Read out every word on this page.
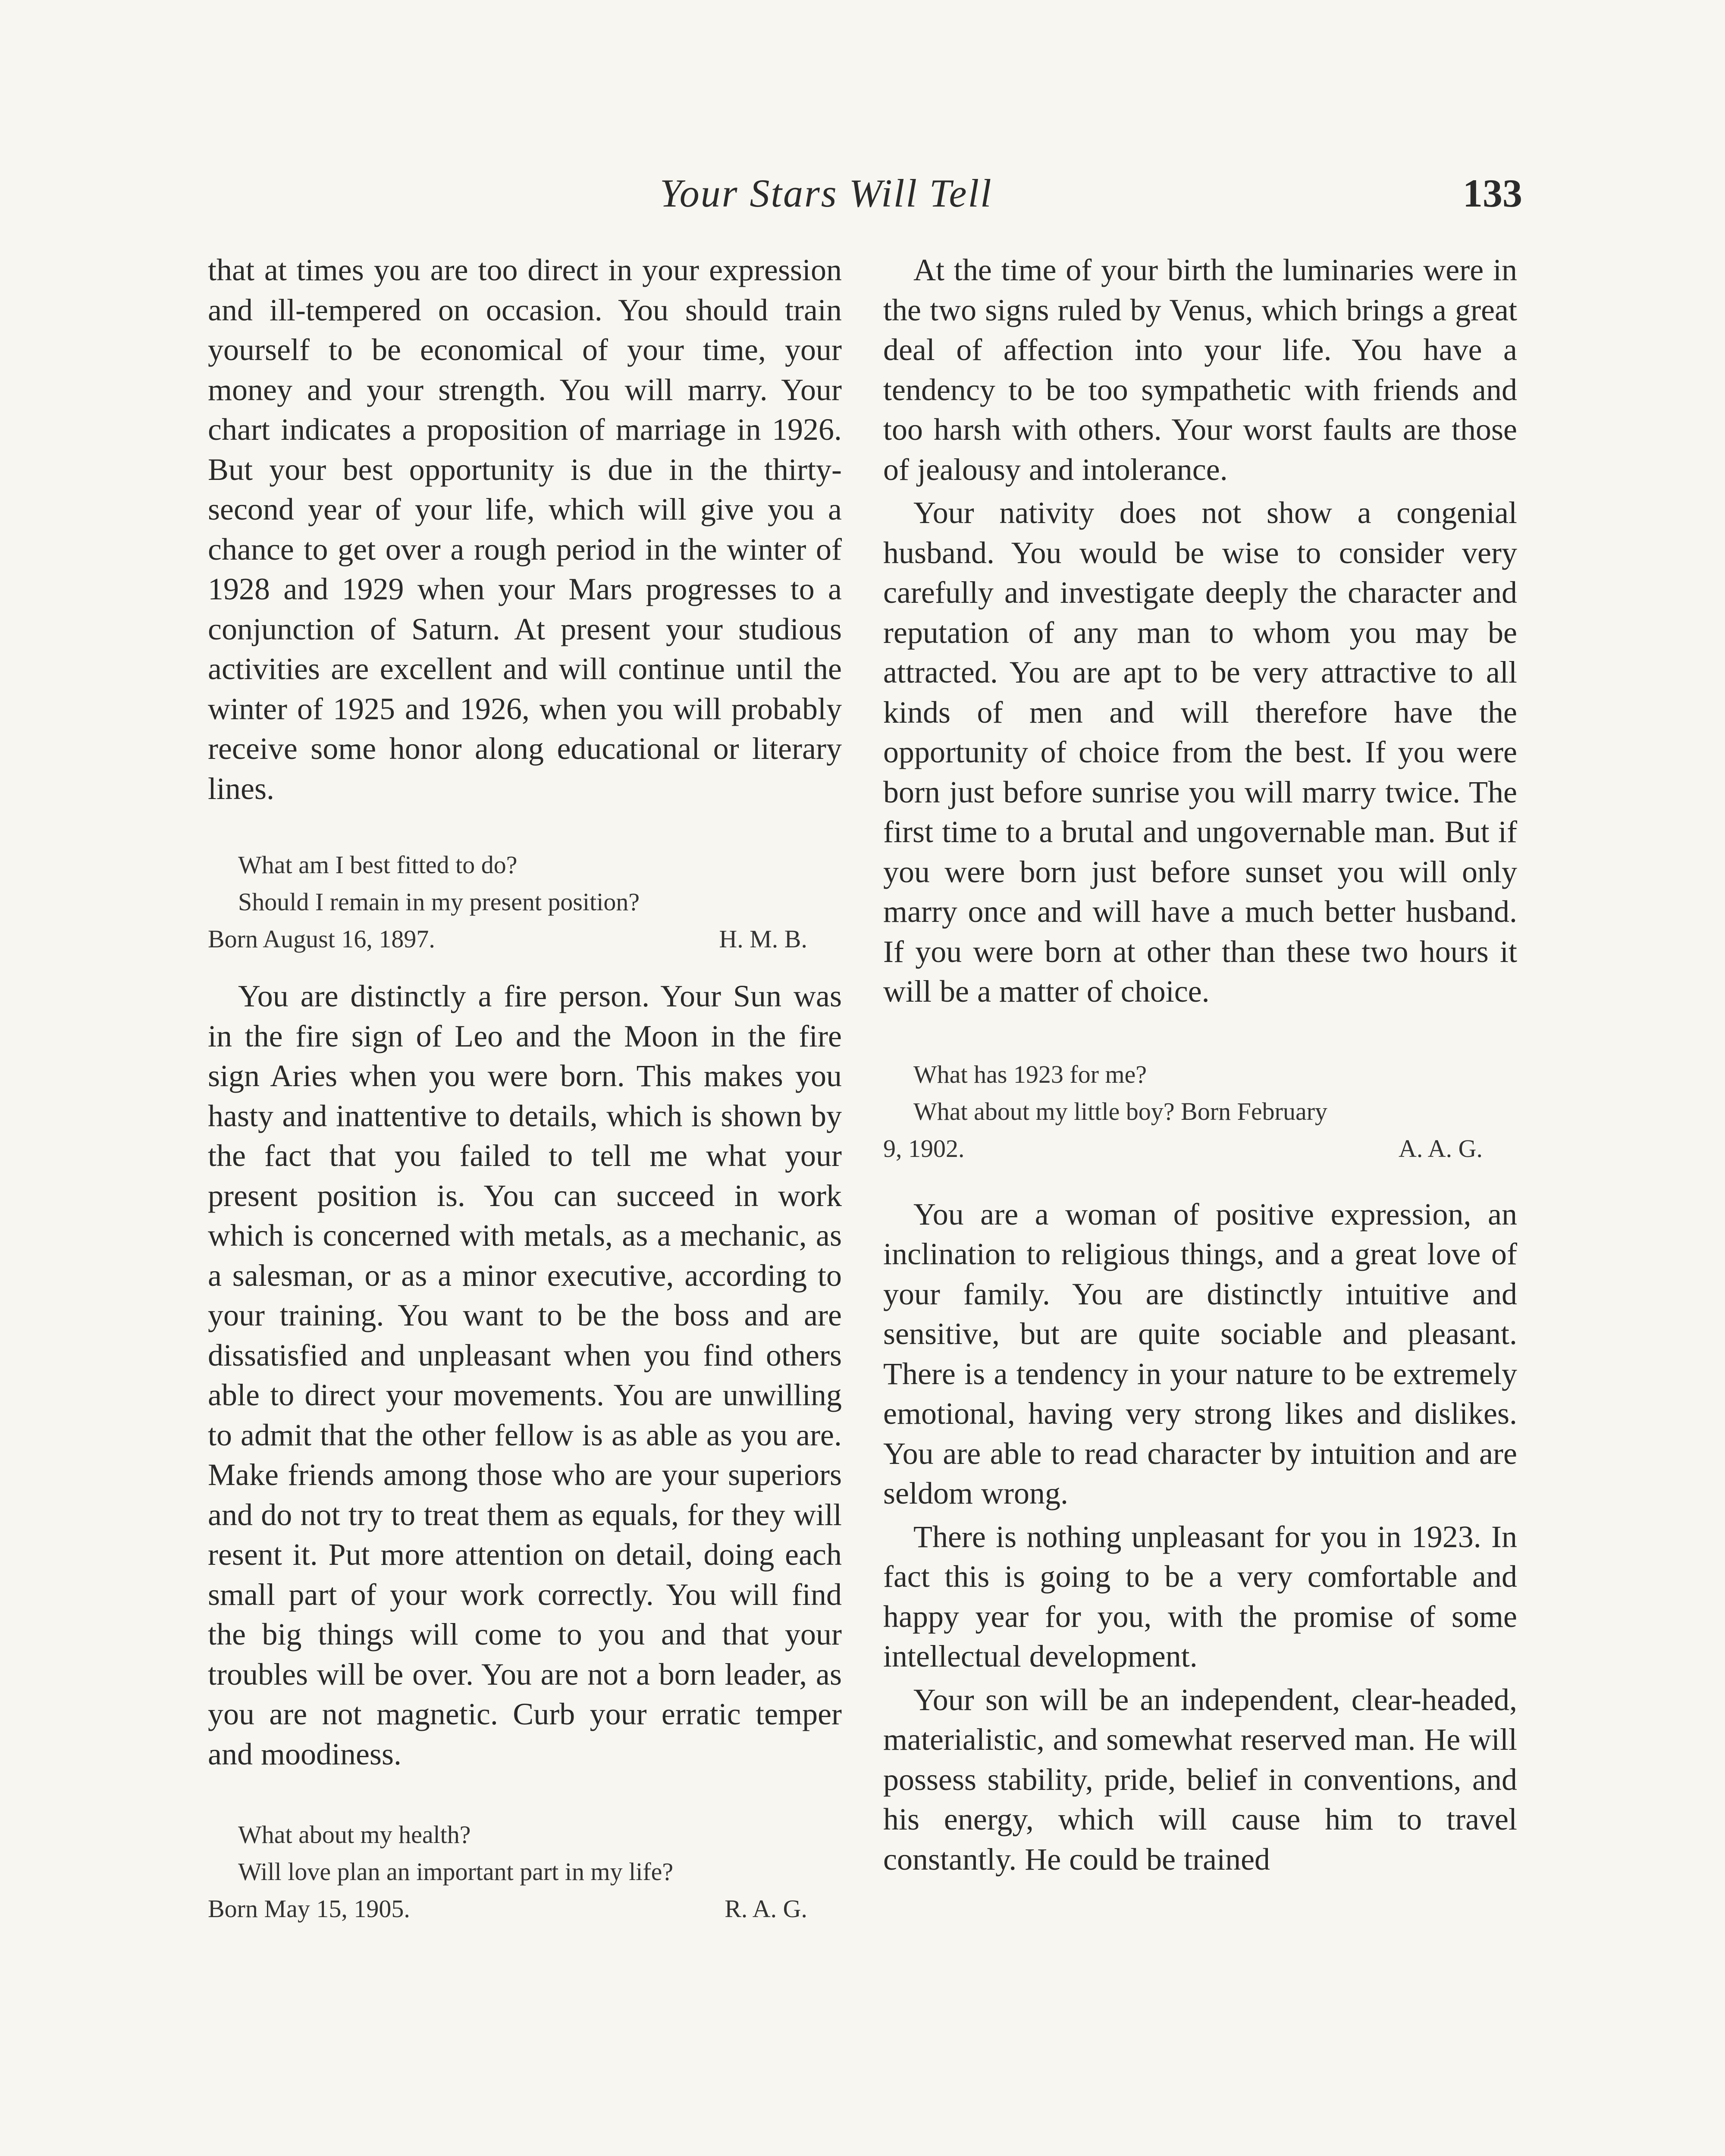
Your Stars Will Tell	133

that at times you are too direct in your expression and ill-tempered on occasion. You should train yourself to be economical of your time, your money and your strength. You will marry. Your chart indicates a proposition of marriage in 1926. But your best opportunity is due in the thirty-second year of your life, which will give you a chance to get over a rough period in the winter of 1928 and 1929 when your Mars progresses to a conjunction of Saturn. At present your studious activities are excellent and will continue until the winter of 1925 and 1926, when you will probably receive some honor along educational or literary lines.

What am I best fitted to do?

Should I remain in my present position?

Born August 16, 1897.	H. M. B.

You are distinctly a fire person. Your Sun was in the fire sign of Leo and the Moon in the fire sign Aries when you were born. This makes you hasty and inattentive to details, which is shown by the fact that you failed to tell me what your present position is. You can succeed in work which is concerned with metals, as a mechanic, as a salesman, or as a minor executive, according to your training. You want to be the boss and are dissatisfied and unpleasant when you find others able to direct your movements. You are unwilling to admit that the other fellow is as able as you are. Make friends among those who are your superiors and do not try to treat them as equals, for they will resent it. Put more attention on detail, doing each small part of your work correctly. You will find the big things will come to you and that your troubles will be over. You are not a born leader, as you are not magnetic. Curb your erratic temper and moodiness.

What about my health?

Will love plan an important part in my life?

Born May 15, 1905.	R. A. G.

At the time of your birth the luminaries were in the two signs ruled by Venus, which brings a great deal of affection into your life. You have a tendency to be too sympathetic with friends and too harsh with others. Your worst faults are those of jealousy and intolerance.

Your nativity does not show a congenial husband. You would be wise to consider very carefully and investigate deeply the character and reputation of any man to whom you may be attracted. You are apt to be very attractive to all kinds of men and will therefore have the opportunity of choice from the best. If you were born just before sunrise you will marry twice. The first time to a brutal and ungovernable man. But if you were born just before sunset you will only marry once and will have a much better husband. If you were born at other than these two hours it will be a matter of choice.

What has 1923 for me?

What about my little boy? Born February

9, 1902.	A. A. G.

You are a woman of positive expression, an inclination to religious things, and a great love of your family. You are distinctly intuitive and sensitive, but are quite sociable and pleasant. There is a tendency in your nature to be extremely emotional, having very strong likes and dislikes. You are able to read character by intuition and are seldom wrong.

There is nothing unpleasant for you in 1923. In fact this is going to be a very comfortable and happy year for you, with the promise of some intellectual development.

Your son will be an independent, clear-headed, materialistic, and somewhat reserved man. He will possess stability, pride, belief in conventions, and his energy, which will cause him to travel constantly. He could be trained
